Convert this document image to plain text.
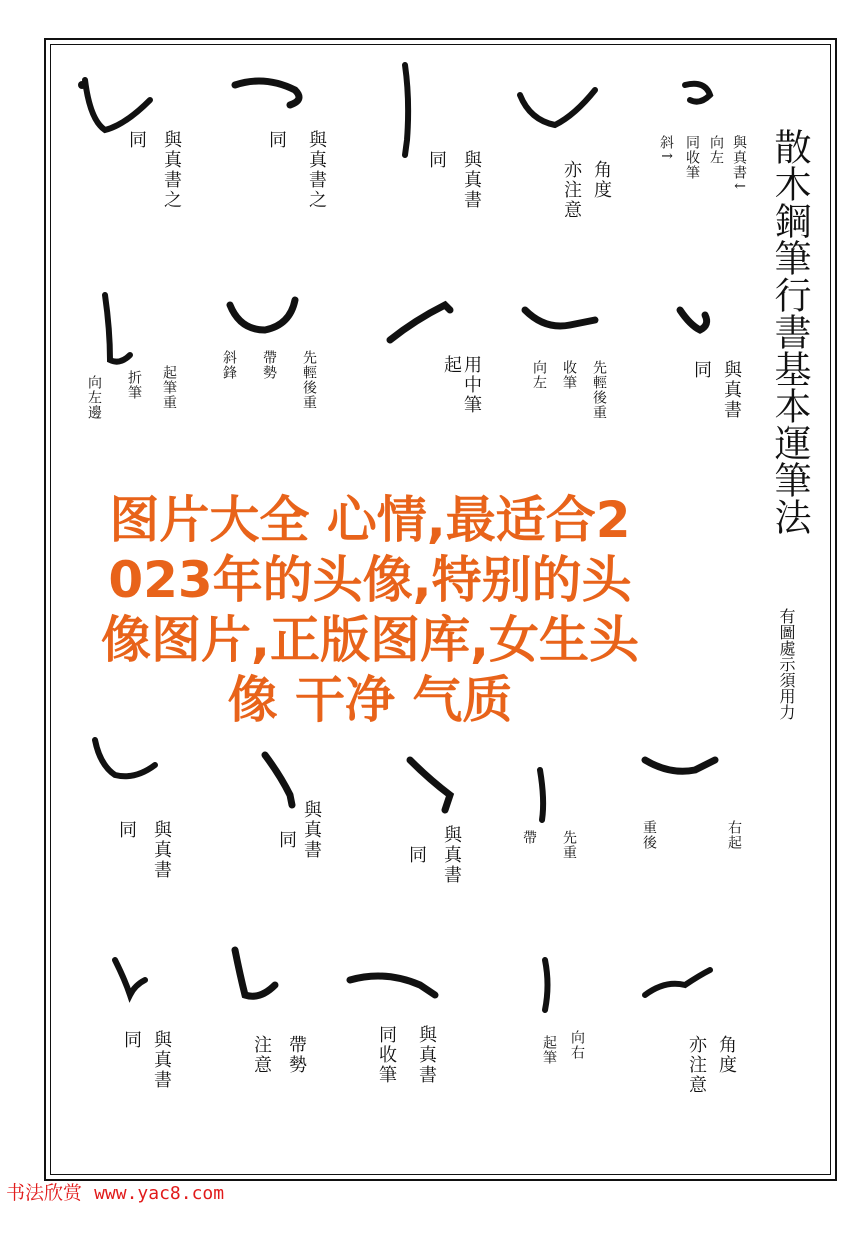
散木鋼筆行書基本運筆法
有圖處示須用力
同 與真書之	同 與真書之	同 與真書	亦注意 角度
斜↑ 同收筆 向左 與真書↓
向左邊 折筆 起筆重	斜鋒 帶勢 先輕後重	起 用中筆	向左 收筆 先輕後重	同 與真書
同 與真書	同 與真書	同 與真書	帶 先重	重後	右起
同 與真書	注意 帶勢	同收筆 與真書	起筆 向右	亦注意 角度
图片大全 心情,最适合2
023年的头像,特别的头
像图片,正版图库,女生头
像 干净 气质
书法欣赏 www.yac8.com
